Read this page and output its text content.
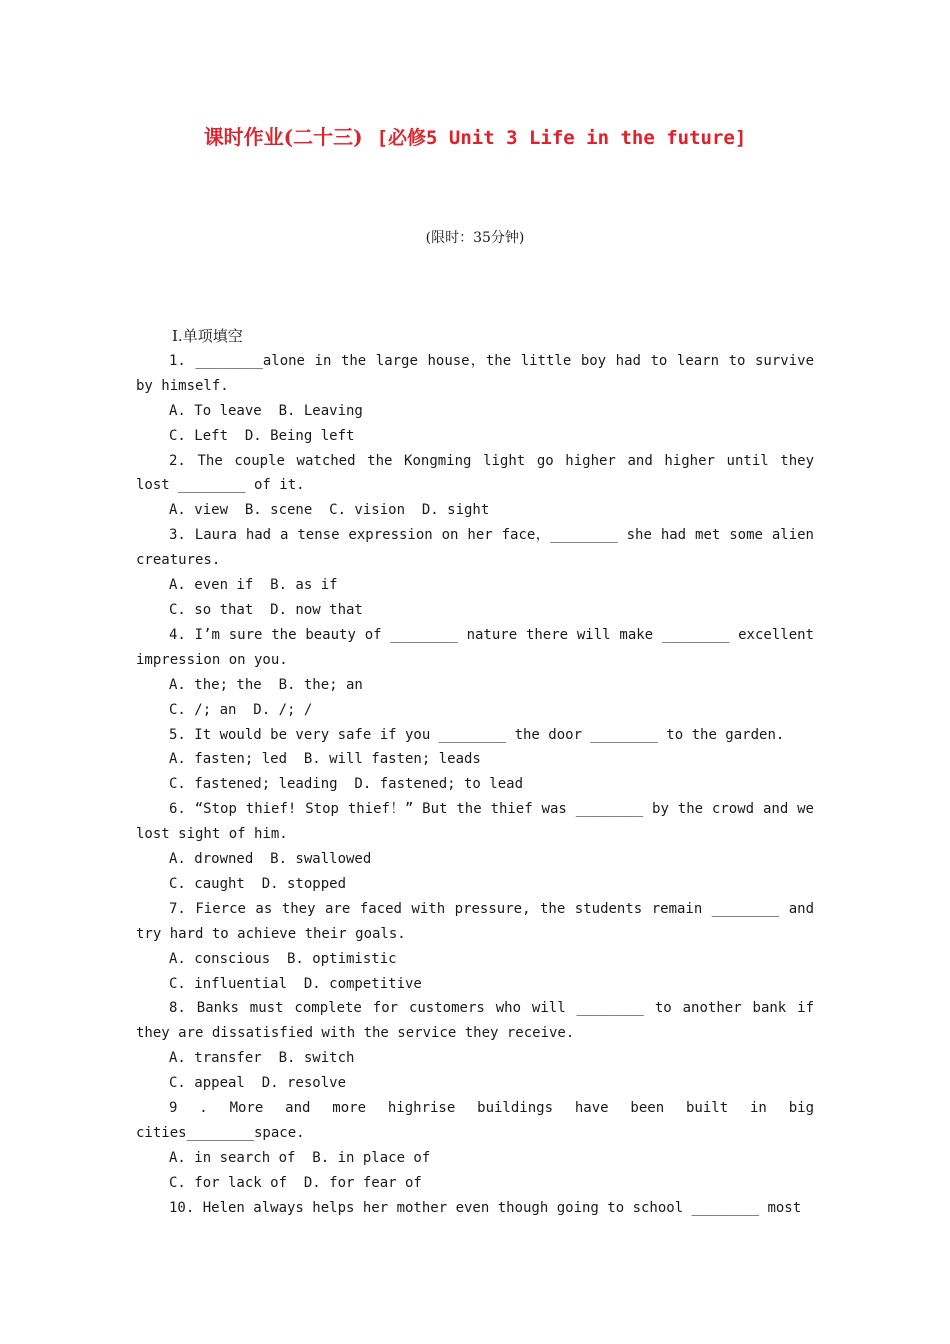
课时作业(二十三) [必修5 Unit 3 Life in the future]
(限时：35分钟)
Ⅰ.单项填空
1. ________alone in the large house，the little boy had to learn to survive by himself.
A. To leave  B. Leaving
C. Left  D. Being left
2. The couple watched the Kongming light go higher and higher until they lost ________ of it.
A. view  B. scene  C. vision  D. sight
3. Laura had a tense expression on her face，________ she had met some alien creatures.
A. even if  B. as if
C. so that  D. now that
4. I’m sure the beauty of ________ nature there will make ________ excellent impression on you.
A. the; the  B. the; an
C. /; an  D. /; /
5. It would be very safe if you ________ the door ________ to the garden.
A. fasten; led  B. will fasten; leads
C. fastened; leading  D. fastened; to lead
6. “Stop thief! Stop thief！” But the thief was ________ by the crowd and we lost sight of him.
A. drowned  B. swallowed
C. caught  D. stopped
7. Fierce as they are faced with pressure, the students remain ________ and try hard to achieve their goals.
A. conscious  B. optimistic
C. influential  D. competitive
8. Banks must complete for customers who will ________ to another bank if they are dissatisfied with the service they receive.
A. transfer  B. switch
C. appeal  D. resolve
9 . More and more highrise buildings have been built in big cities________space.
A. in search of  B. in place of
C. for lack of  D. for fear of
10. Helen always helps her mother even though going to school ________ most
